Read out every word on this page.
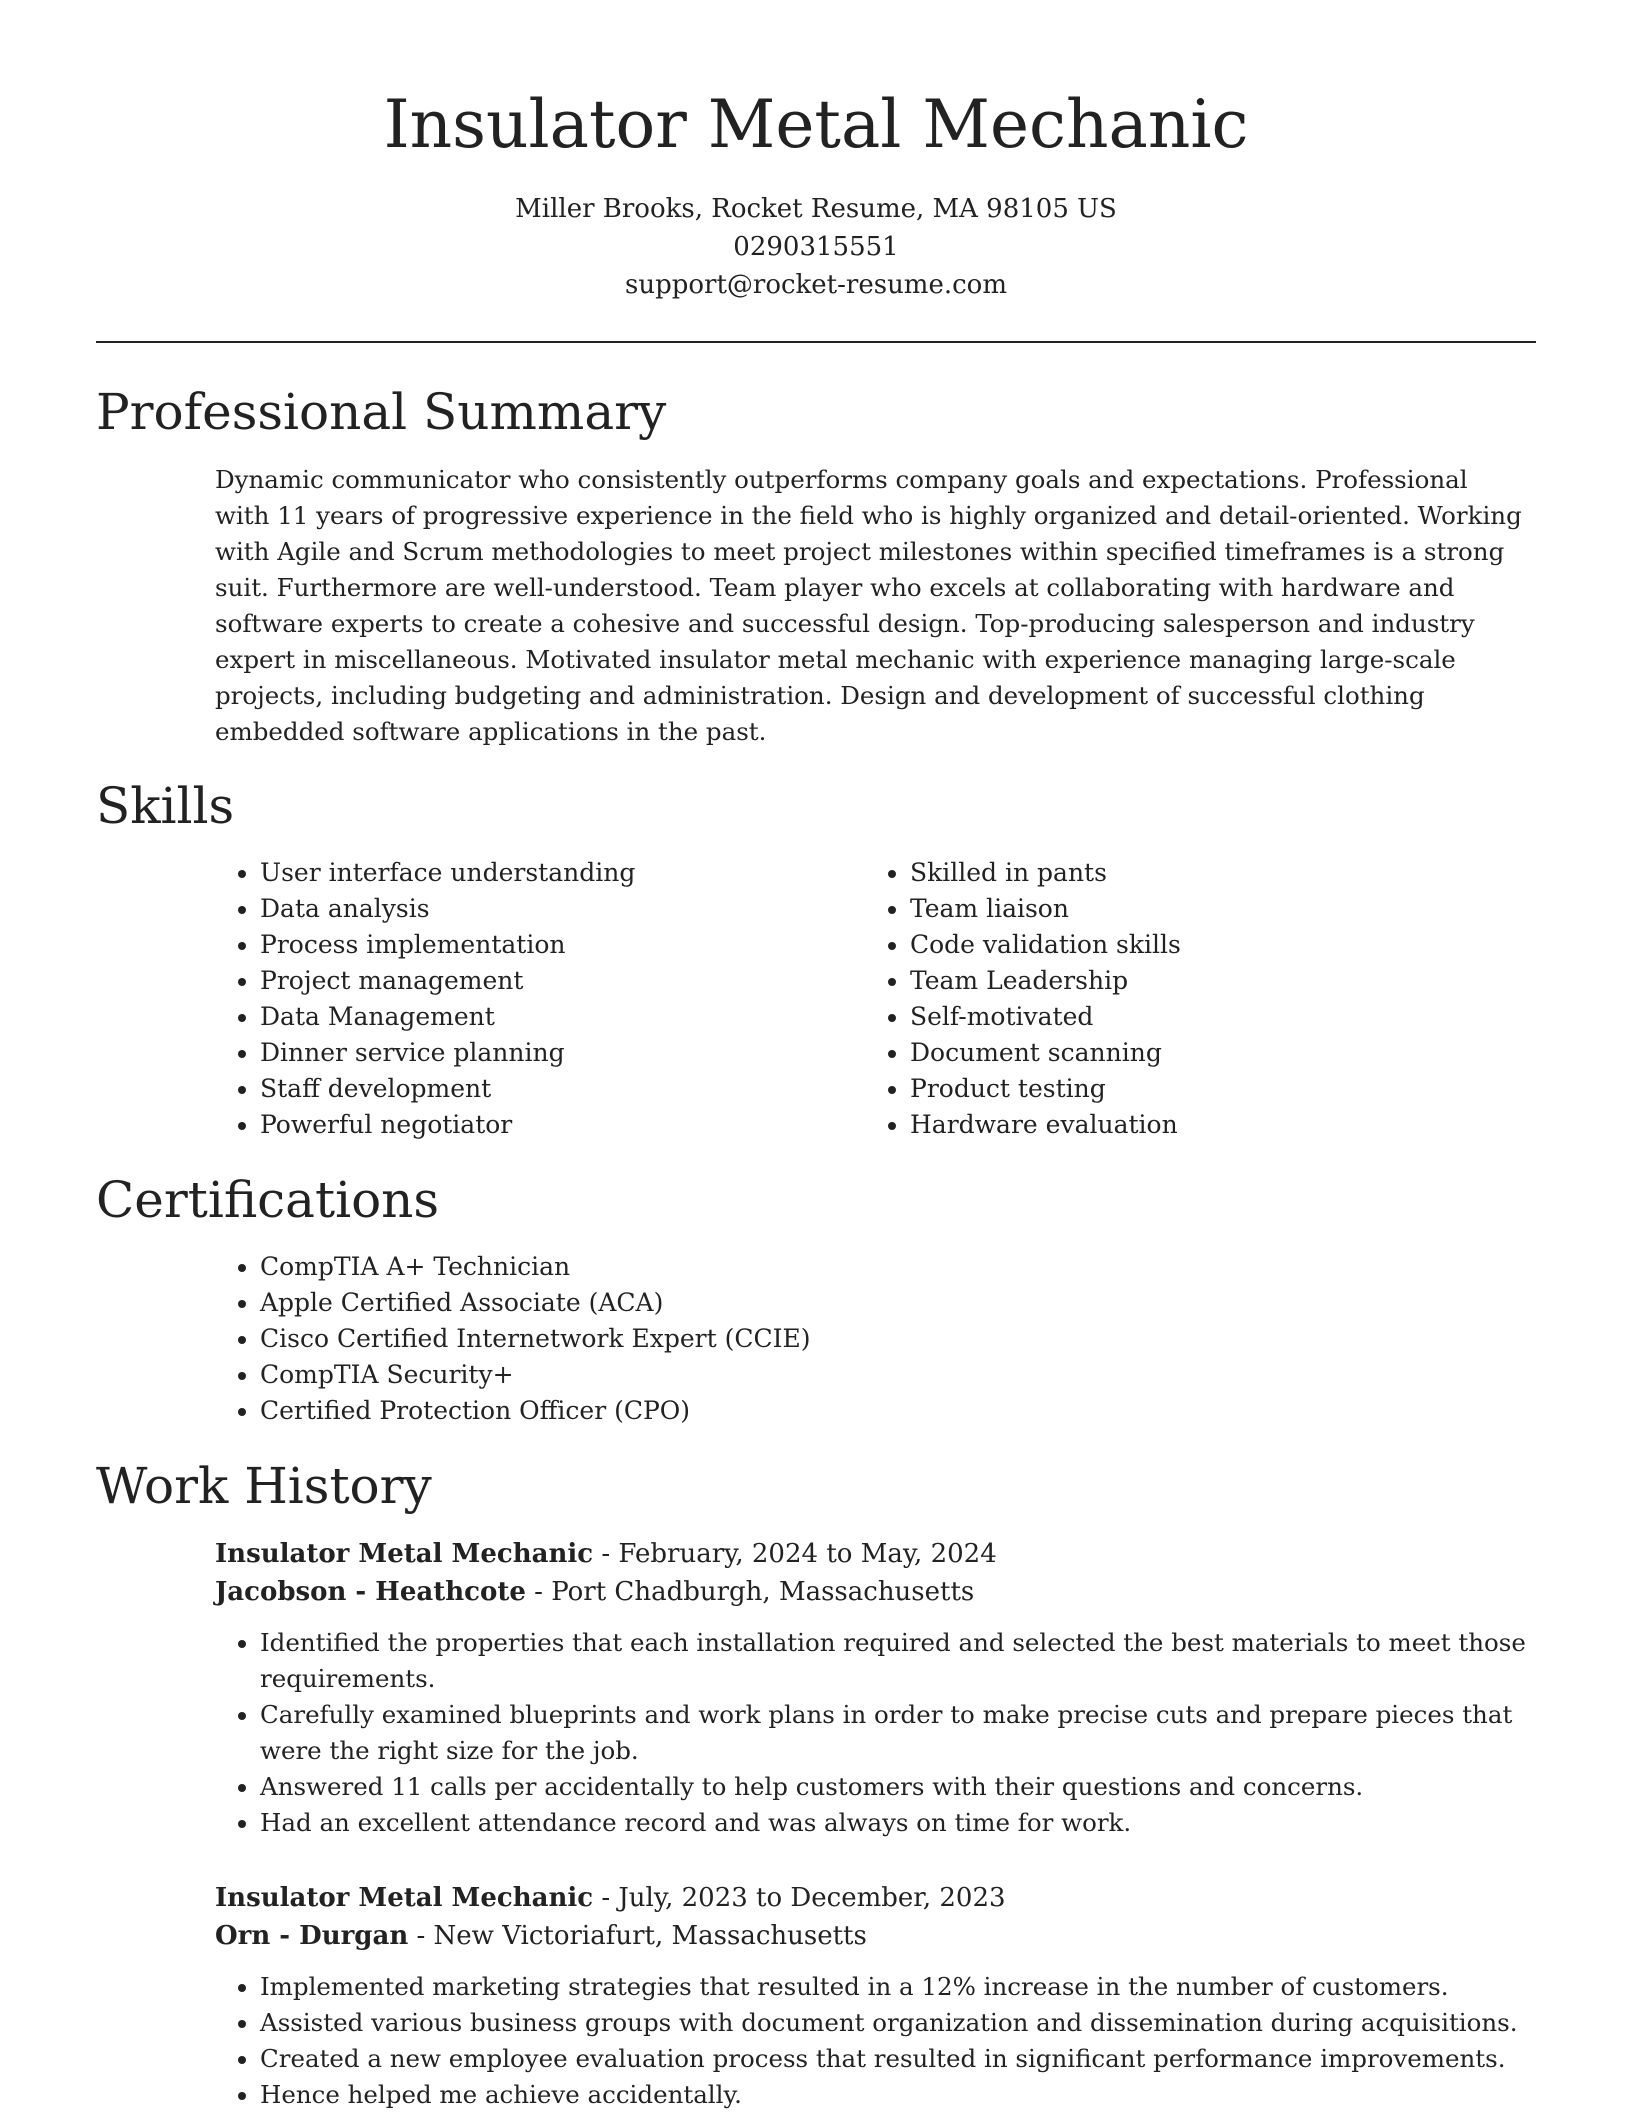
Insulator Metal Mechanic
Miller Brooks, Rocket Resume, MA 98105 US
0290315551
support@rocket-resume.com
Professional Summary

Dynamic communicator who consistently outperforms company goals and expectations. Professional with 11 years of progressive experience in the field who is highly organized and detail-oriented. Working with Agile and Scrum methodologies to meet project milestones within specified timeframes is a strong suit. Furthermore are well-understood. Team player who excels at collaborating with hardware and software experts to create a cohesive and successful design. Top-producing salesperson and industry expert in miscellaneous. Motivated insulator metal mechanic with experience managing large-scale projects, including budgeting and administration. Design and development of successful clothing embedded software applications in the past.

Skills
• User interface understanding
• Data analysis
• Process implementation
• Project management
• Data Management
• Dinner service planning
• Staff development
• Powerful negotiator
• Skilled in pants
• Team liaison
• Code validation skills
• Team Leadership
• Self-motivated
• Document scanning
• Product testing
• Hardware evaluation
Certifications
• CompTIA A+ Technician
• Apple Certified Associate (ACA)
• Cisco Certified Internetwork Expert (CCIE)
• CompTIA Security+
• Certified Protection Officer (CPO)
Work History
Insulator Metal Mechanic - February, 2024 to May, 2024
Jacobson - Heathcote - Port Chadburgh, Massachusetts
• Identified the properties that each installation required and selected the best materials to meet those requirements.
• Carefully examined blueprints and work plans in order to make precise cuts and prepare pieces that were the right size for the job.
• Answered 11 calls per accidentally to help customers with their questions and concerns.
• Had an excellent attendance record and was always on time for work.
Insulator Metal Mechanic - July, 2023 to December, 2023
Orn - Durgan - New Victoriafurt, Massachusetts
• Implemented marketing strategies that resulted in a 12% increase in the number of customers.
• Assisted various business groups with document organization and dissemination during acquisitions.
• Created a new employee evaluation process that resulted in significant performance improvements.
• Hence helped me achieve accidentally.
